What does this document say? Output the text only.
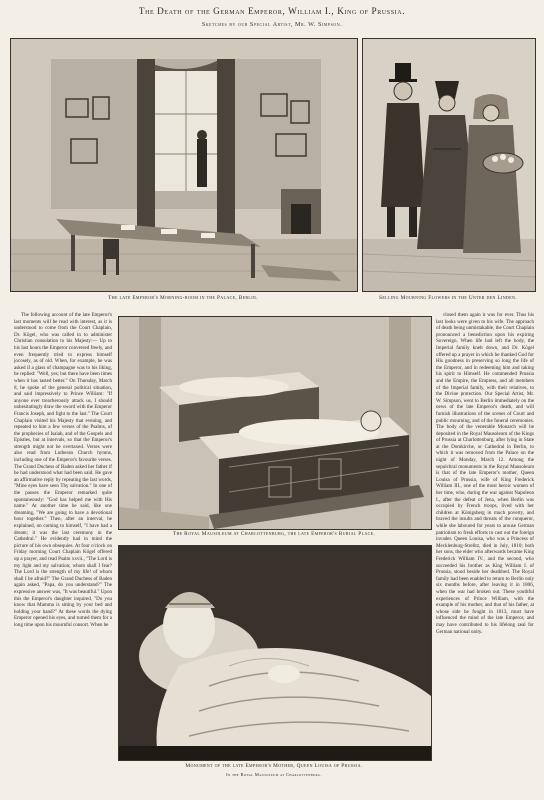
The Death of the German Emperor, William I., King of Prussia.
Sketches by our Special Artist, Mr. W. Simpson.
The late Emperor's Morning-room in the Palace, Berlin.	Selling Mourning Flowers in the Unter den Linden.

The following account of the late Emperor's last moments will be read with interest, as it is understood to come from the Court Chaplain, Dr. Kögel, who was called in to administer Christian consolation to his Majesty:— Up to his last hours the Emperor conversed freely, and even frequently tried to express himself jocosely, as of old. When, for example, he was asked if a glass of champagne was to his liking, he replied: "Well, yes; but there have been times when it has tasted better." On Thursday, March 8, he spoke of the general political situation, and said impressively to Prince William: "If anyone ever treacherously attack us, I should unhesitatingly draw the sword with the Emperor Francis Joseph, and fight to the last." The Court Chaplain visited his Majesty that evening, and repeated to him a few verses of the Psalms, of the prophecies of Isaiah, and of the Gospels and Epistles, but at intervals, so that the Emperor's strength might not be overtaxed. Verses were also read from Lutheran Church hymns, including one of the Emperor's favourite verses. The Grand Duchess of Baden asked her father if he had understood what had been said. He gave an affirmative reply by repeating the last words, "Mine eyes have seen Thy salvation." In one of the pauses the Emperor remarked quite spontaneously: "God has helped me with His name." At another time he said, like one dreaming, "We are going to have a devotional hour together." Then, after an interval, he explained, on coming to himself, "I have had a dream; it was the last ceremony in the Cathedral." He evidently had in mind the picture of his own obsequies. At four o'clock on Friday morning Court Chaplain Kögel offered up a prayer, and read Psalm xxvii., "The Lord is my light and my salvation; whom shall I fear? The Lord is the strength of my life! of whom shall I be afraid?" The Grand Duchess of Baden again asked, "Papa, do you understand?" The expressive answer was, "It was beautiful." Upon this the Emperor's daughter inquired, "Do you know that Mamma is sitting by your bed and holding your hand?" At these words the dying Emperor opened his eyes, and turned them for a long time upon his mournful consort. When he

The Royal Mausoleum at Charlottenburg, the late Emperor's Burial Place.

closed them again it was for ever. Thus his last looks were given to his wife. The approach of death being unmistakable, the Court Chaplain pronounced a benediction upon his expiring Sovereign. When life had left the body, the Imperial family knelt down, and Dr. Kögel offered up a prayer in which he thanked God for His goodness in preserving so long the life of the Emperor, and in redeeming him and taking his spirit to Himself. He commended Prussia and the Empire, the Empress, and all members of the Imperial family, with their relatives, to the Divine protection. Our Special Artist, Mr. W. Simpson, went to Berlin immediately on the news of the late Emperor's death, and will furnish illustrations of the scenes of Court and public mourning, and of the funeral ceremonies. The body of the venerable Monarch will be deposited in the Royal Mausoleum of the Kings of Prussia at Charlottenburg, after lying in State at the Domkirche, or Cathedral in Berlin, to which it was removed from the Palace on the night of Monday, March 12. Among the sepulchral monuments in the Royal Mausoleum is that of the late Emperor's mother, Queen Louisa of Prussia, wife of King Frederick William III., one of the most heroic women of her time, who, during the war against Napoleon I., after the defeat of Jena, when Berlin was occupied by French troops, lived with her children at Königsberg in much poverty, and braved the insults and threats of the conqueror, while she laboured for years to arouse German patriotism to fresh efforts to cast out the foreign invader. Queen Louisa, who was a Princess of Mecklenburg-Strelitz, died in July, 1810; both her sons, the elder who afterwards became King Frederick William IV., and the second, who succeeded his brother as King William I. of Prussia, stood beside her deathbed. The Royal family had been enabled to return to Berlin only six months before, after leaving it in 1806, when the war had broken out. These youthful experiences of Prince William, with the example of his mother, and that of his father, at whose side he fought in 1813, must have influenced the mind of the late Emperor, and may have contributed to his lifelong zeal for German national unity.

Monument of the late Emperor's Mother, Queen Louisa of Prussia.
In the Royal Mausoleum at Charlottenburg.
